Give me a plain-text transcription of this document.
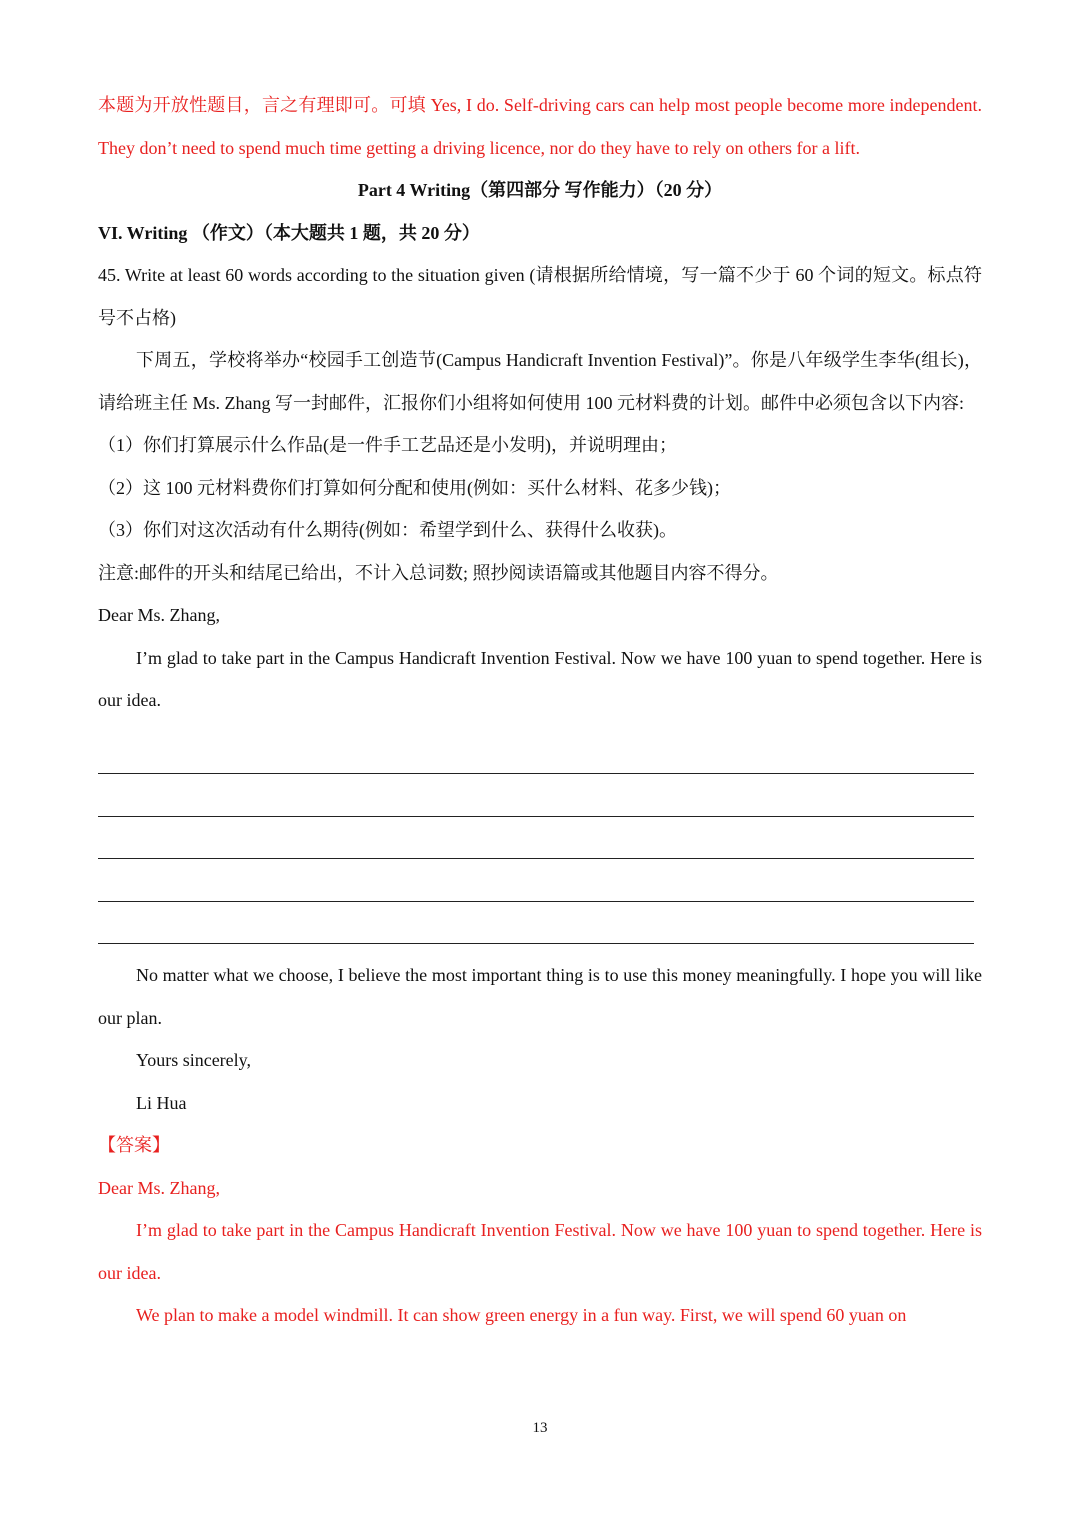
本题为开放性题目，言之有理即可。可填 Yes, I do. Self-driving cars can help most people become more independent. They don’t need to spend much time getting a driving licence, nor do they have to rely on others for a lift.

Part 4 Writing（第四部分 写作能力）（20 分）

VI. Writing （作文）（本大题共 1 题，共 20 分）

45. Write at least 60 words according to the situation given (请根据所给情境，写一篇不少于 60 个词的短文。标点符号不占格)

下周五，学校将举办“校园手工创造节(Campus Handicraft Invention Festival)”。你是八年级学生李华(组长)，请给班主任 Ms. Zhang 写一封邮件，汇报你们小组将如何使用 100 元材料费的计划。邮件中必须包含以下内容:

（1）你们打算展示什么作品(是一件手工艺品还是小发明)，并说明理由；

（2）这 100 元材料费你们打算如何分配和使用(例如：买什么材料、花多少钱)；

（3）你们对这次活动有什么期待(例如：希望学到什么、获得什么收获)。

注意:邮件的开头和结尾已给出，不计入总词数; 照抄阅读语篇或其他题目内容不得分。

Dear Ms. Zhang,

I’m glad to take part in the Campus Handicraft Invention Festival. Now we have 100 yuan to spend together. Here is our idea.

No matter what we choose, I believe the most important thing is to use this money meaningfully. I hope you will like our plan.

Yours sincerely,

Li Hua

【答案】

Dear Ms. Zhang,

I’m glad to take part in the Campus Handicraft Invention Festival. Now we have 100 yuan to spend together. Here is our idea.

We plan to make a model windmill. It can show green energy in a fun way. First, we will spend 60 yuan on

13
